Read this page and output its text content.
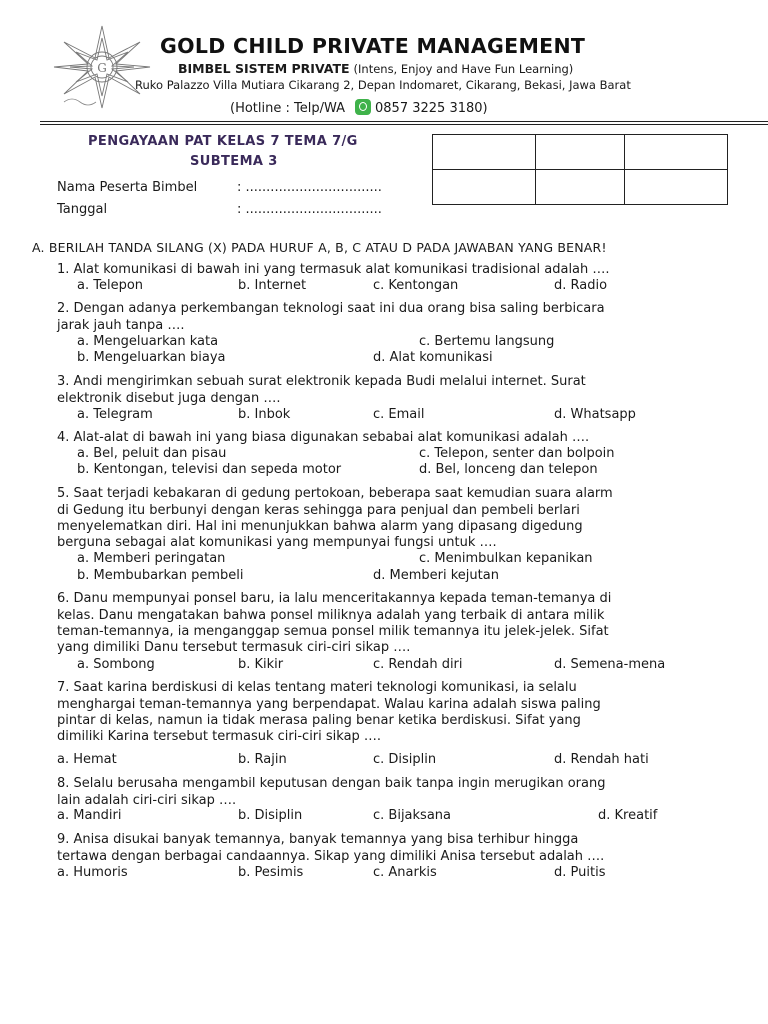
G
GOLD CHILD PRIVATE MANAGEMENT
BIMBEL SISTEM PRIVATE (Intens, Enjoy and Have Fun Learning)
Ruko Palazzo Villa Mutiara Cikarang 2, Depan Indomaret, Cikarang, Bekasi, Jawa Barat
(Hotline : Telp/WA 0857 3225 3180)
PENGAYAAN PAT KELAS 7 TEMA 7/G
SUBTEMA 3

Nama Peserta Bimbel	: .................................
Tanggal	: .................................
A. BERILAH TANDA SILANG (X) PADA HURUF A, B, C ATAU D PADA JAWABAN YANG BENAR!
1. Alat komunikasi di bawah ini yang termasuk alat komunikasi tradisional adalah ….
a. Telepon	b. Internet	c. Kentongan	d. Radio
2. Dengan adanya perkembangan teknologi saat ini dua orang bisa saling berbicara
jarak jauh tanpa ….
a. Mengeluarkan kata	c. Bertemu langsung
b. Mengeluarkan biaya	d. Alat komunikasi
3. Andi mengirimkan sebuah surat elektronik kepada Budi melalui internet. Surat
elektronik disebut juga dengan ….
a. Telegram	b. Inbok	c. Email	d. Whatsapp
4. Alat-alat di bawah ini yang biasa digunakan sebabai alat komunikasi adalah ….
a. Bel, peluit dan pisau	c. Telepon, senter dan bolpoin
b. Kentongan, televisi dan sepeda motor	d. Bel, lonceng dan telepon
5. Saat terjadi kebakaran di gedung pertokoan, beberapa saat kemudian suara alarm
di Gedung itu berbunyi dengan keras sehingga para penjual dan pembeli berlari
menyelematkan diri. Hal ini menunjukkan bahwa alarm yang dipasang digedung
berguna sebagai alat komunikasi yang mempunyai fungsi untuk ….
a. Memberi peringatan	c. Menimbulkan kepanikan
b. Membubarkan pembeli	d. Memberi kejutan
6. Danu mempunyai ponsel baru, ia lalu menceritakannya kepada teman-temanya di
kelas. Danu mengatakan bahwa ponsel miliknya adalah yang terbaik di antara milik
teman-temannya, ia menganggap semua ponsel milik temannya itu jelek-jelek. Sifat
yang dimiliki Danu tersebut termasuk ciri-ciri sikap ….
a. Sombong	b. Kikir	c. Rendah diri	d. Semena-mena
7. Saat karina berdiskusi di kelas tentang materi teknologi komunikasi, ia selalu
menghargai teman-temannya yang berpendapat. Walau karina adalah siswa paling
pintar di kelas, namun ia tidak merasa paling benar ketika berdiskusi. Sifat yang
dimiliki Karina tersebut termasuk ciri-ciri sikap ….
a. Hemat	b. Rajin	c. Disiplin	d. Rendah hati
8. Selalu berusaha mengambil keputusan dengan baik tanpa ingin merugikan orang
lain adalah ciri-ciri sikap ….
a. Mandiri	b. Disiplin	c. Bijaksana	d. Kreatif
9. Anisa disukai banyak temannya, banyak temannya yang bisa terhibur hingga
tertawa dengan berbagai candaannya. Sikap yang dimiliki Anisa tersebut adalah ….
a. Humoris	b. Pesimis	c. Anarkis	d. Puitis
